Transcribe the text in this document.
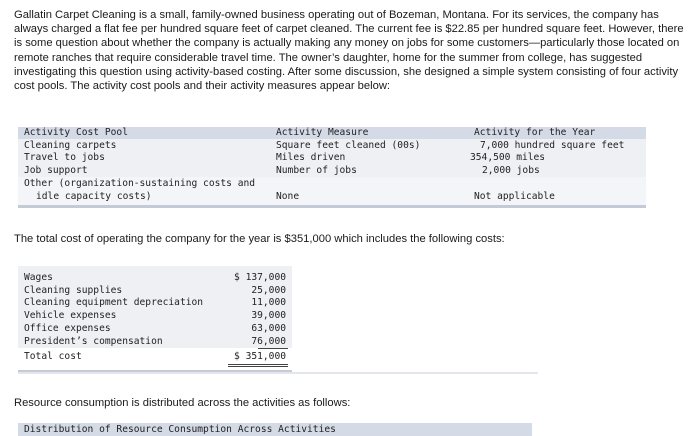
Gallatin Carpet Cleaning is a small, family-owned business operating out of Bozeman, Montana. For its services, the company has always charged a flat fee per hundred square feet of carpet cleaned. The current fee is $22.85 per hundred square feet. However, there is some question about whether the company is actually making any money on jobs for some customers—particularly those located on remote ranches that require considerable travel time. The owner’s daughter, home for the summer from college, has suggested investigating this question using activity-based costing. After some discussion, she designed a simple system consisting of four activity cost pools. The activity cost pools and their activity measures appear below:

Activity Cost Pool	Activity Measure	Activity for the Year
Cleaning carpets	Square feet cleaned (00s)	7,000 hundred square feet
Travel to jobs	Miles driven	354,500 miles
Job support	Number of jobs	2,000 jobs
Other (organization-sustaining costs and
idle capacity costs)	None	Not applicable

The total cost of operating the company for the year is $351,000 which includes the following costs:

Wages	$ 137,000
Cleaning supplies	25,000
Cleaning equipment depreciation	11,000
Vehicle expenses	39,000
Office expenses	63,000
President’s compensation	76,000
Total cost	$ 351,000

Resource consumption is distributed across the activities as follows:

Distribution of Resource Consumption Across Activities
